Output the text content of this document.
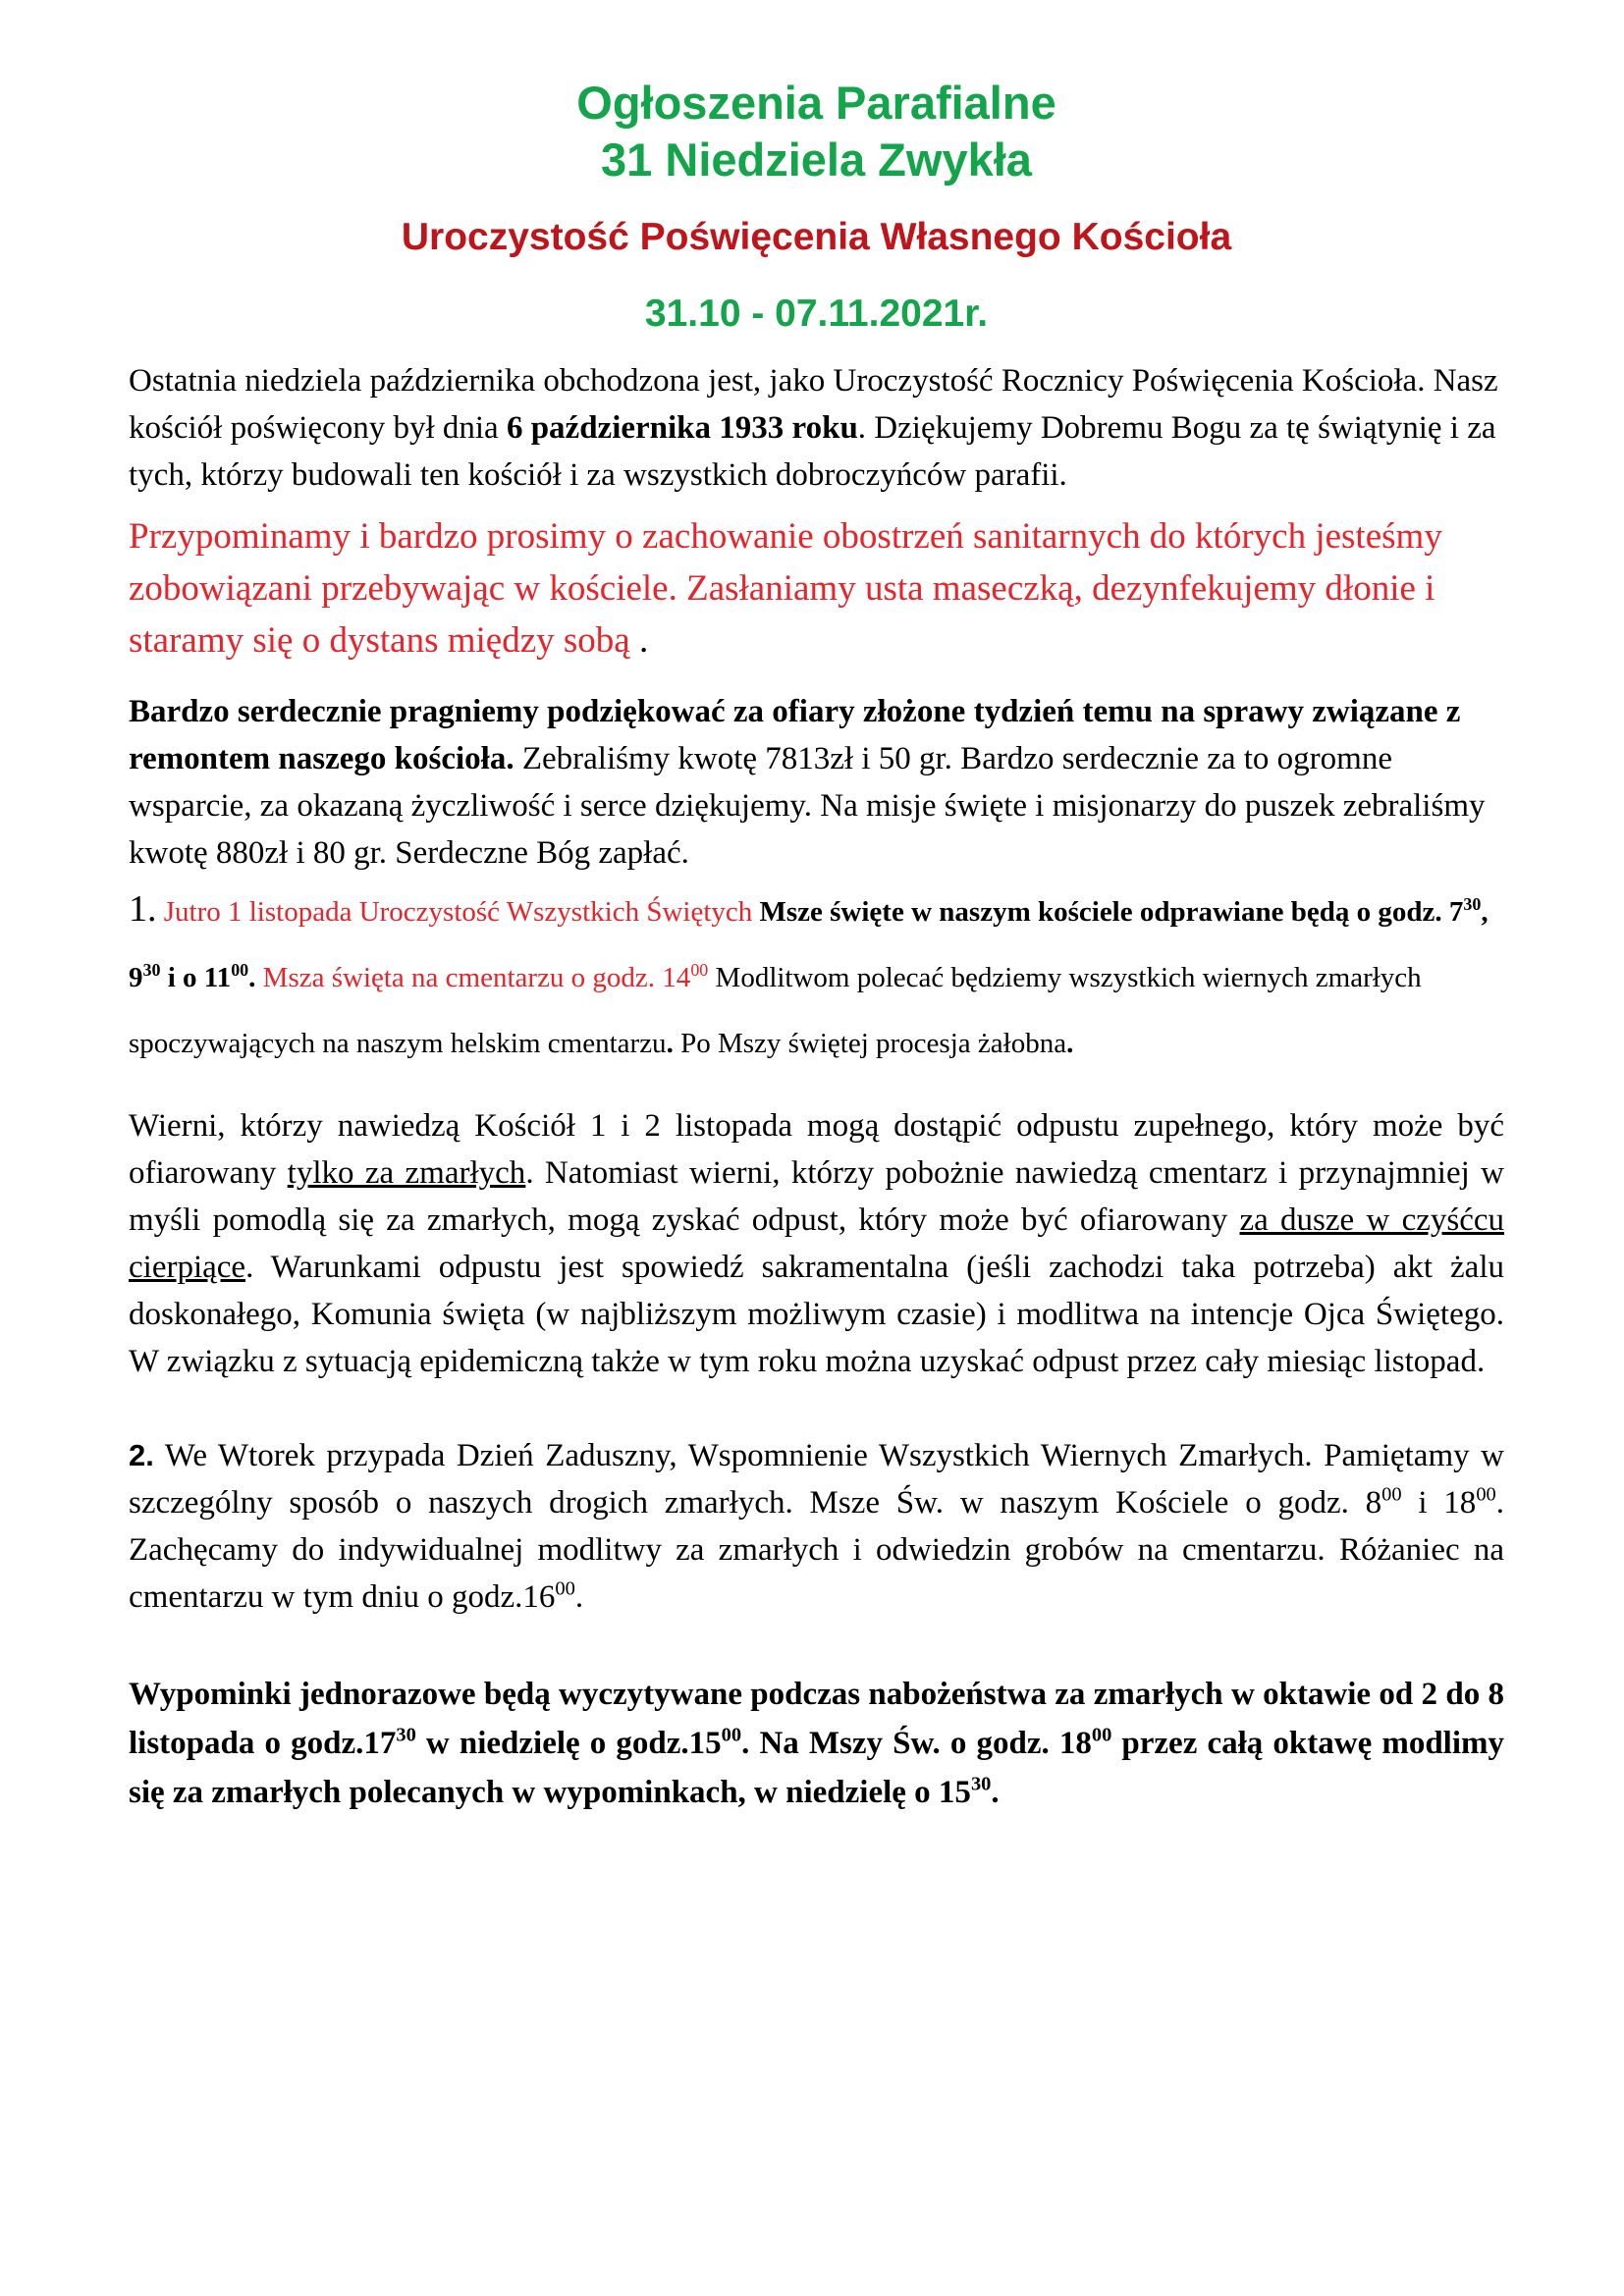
Ogłoszenia Parafialne
31 Niedziela Zwykła
Uroczystość Poświęcenia Własnego Kościoła
31.10 - 07.11.2021r.

Ostatnia niedziela października obchodzona jest, jako Uroczystość Rocznicy Poświęcenia Kościoła. Nasz kościół poświęcony był dnia 6 października 1933 roku. Dziękujemy Dobremu Bogu za tę świątynię i za tych, którzy budowali ten kościół i za wszystkich dobroczyńców parafii.

Przypominamy i bardzo prosimy o zachowanie obostrzeń sanitarnych do których jesteśmy zobowiązani przebywając w kościele. Zasłaniamy usta maseczką, dezynfekujemy dłonie i staramy się o dystans między sobą .

Bardzo serdecznie pragniemy podziękować za ofiary złożone tydzień temu na sprawy związane z remontem naszego kościoła. Zebraliśmy kwotę 7813zł i 50 gr. Bardzo serdecznie za to ogromne wsparcie, za okazaną życzliwość i serce dziękujemy. Na misje święte i misjonarzy do puszek zebraliśmy kwotę 880zł i 80 gr. Serdeczne Bóg zapłać.

1. Jutro 1 listopada Uroczystość Wszystkich Świętych Msze święte w naszym kościele odprawiane będą o godz. $7^{30}$, $9^{30}$ i o $11^{00}$. Msza święta na cmentarzu o godz. $14^{00}$ Modlitwom polecać będziemy wszystkich wiernych zmarłych spoczywających na naszym helskim cmentarzu. Po Mszy świętej procesja żałobna.

Wierni, którzy nawiedzą Kościół 1 i 2 listopada mogą dostąpić odpustu zupełnego, który może być ofiarowany tylko za zmarłych. Natomiast wierni, którzy pobożnie nawiedzą cmentarz i przynajmniej w myśli pomodlą się za zmarłych, mogą zyskać odpust, który może być ofiarowany za dusze w czyśćcu cierpiące. Warunkami odpustu jest spowiedź sakramentalna (jeśli zachodzi taka potrzeba) akt żalu doskonałego, Komunia święta (w najbliższym możliwym czasie) i modlitwa na intencje Ojca Świętego. W związku z sytuacją epidemiczną także w tym roku można uzyskać odpust przez cały miesiąc listopad.

2. We Wtorek przypada Dzień Zaduszny, Wspomnienie Wszystkich Wiernych Zmarłych. Pamiętamy w szczególny sposób o naszych drogich zmarłych. Msze Św. w naszym Kościele o godz. $8^{00}$ i $18^{00}$. Zachęcamy do indywidualnej modlitwy za zmarłych i odwiedzin grobów na cmentarzu. Różaniec na cmentarzu w tym dniu o $godz.16^{00}$.

Wypominki jednorazowe będą wyczytywane podczas nabożeństwa za zmarłych w oktawie od 2 do 8 listopada o $godz.17^{30}$ w niedzielę o $godz.15^{00}$. Na Mszy Św. o godz. $18^{00}$ przez całą oktawę modlimy się za zmarłych polecanych w wypominkach, w niedzielę o $15^{30}$.
